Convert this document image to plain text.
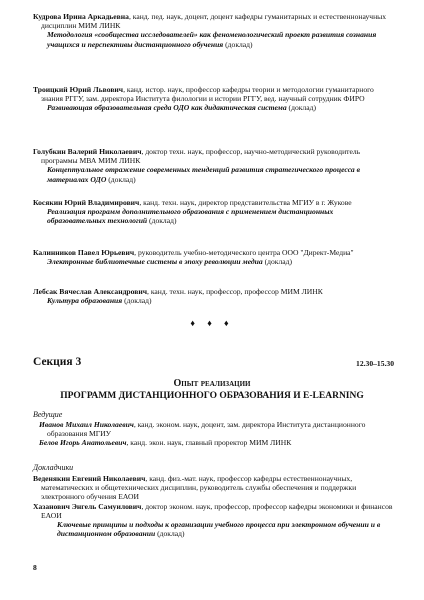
Кудрова Ирина Аркадьевна, канд. пед. наук, доцент, доцент кафедры гуманитарных и естественнонаучных дисциплин МИМ ЛИНК
Методология «сообщества исследователей» как феноменологический проект развития сознания учащихся и перспективы дистанционного обучения (доклад)
Троицкий Юрий Львович, канд. истор. наук, профессор кафедры теории и методологии гуманитарного знания РГГУ, зам. директора Института филологии и истории РГГУ, вед. научный сотрудник ФИРО
Развивающая образовательная среда ОДО как дидактическая система (доклад)
Голубкин Валерий Николаевич, доктор техн. наук, профессор, научно-методический руководитель программы МВА МИМ ЛИНК
Концептуальное отражение современных тенденций развития стратегического процесса в материалах ОДО (доклад)
Косякин Юрий Владимирович, канд. техн. наук, директор представительства МГИУ в г. Жукове
Реализация программ дополнительного образования с применением дистанционных образовательных технологий (доклад)
Калинников Павел Юрьевич, руководитель учебно-методического центра ООО "Директ-Медиа"
Электронные библиотечные системы в эпоху революции медиа (доклад)
Лебсак Вячеслав Александрович, канд. техн. наук, профессор, профессор МИМ ЛИНК
Культура образования (доклад)
♦ ♦ ♦
Секция 3	12.30–15.30
Опыт реализации
ПРОГРАММ ДИСТАНЦИОННОГО ОБРАЗОВАНИЯ И E-LEARNING
Ведущие
Иванов Михаил Николаевич, канд. эконом. наук, доцент, зам. директора Института дистанционного образования МГИУ
Белов Игорь Анатольевич, канд. экон. наук, главный проректор МИМ ЛИНК
Докладчики
Веденякин Евгений Николаевич, канд. физ.-мат. наук, профессор кафедры естественнонаучных, математических и общетехнических дисциплин, руководитель службы обеспечения и поддержки электронного обучения ЕАОИ
Хазанович Энгель Самуилович, доктор эконом. наук, профессор, профессор кафедры экономики и финансов ЕАОИ
Ключевые принципы и подходы к организации учебного процесса при электронном обучении и в дистанционном образовании (доклад)
8
